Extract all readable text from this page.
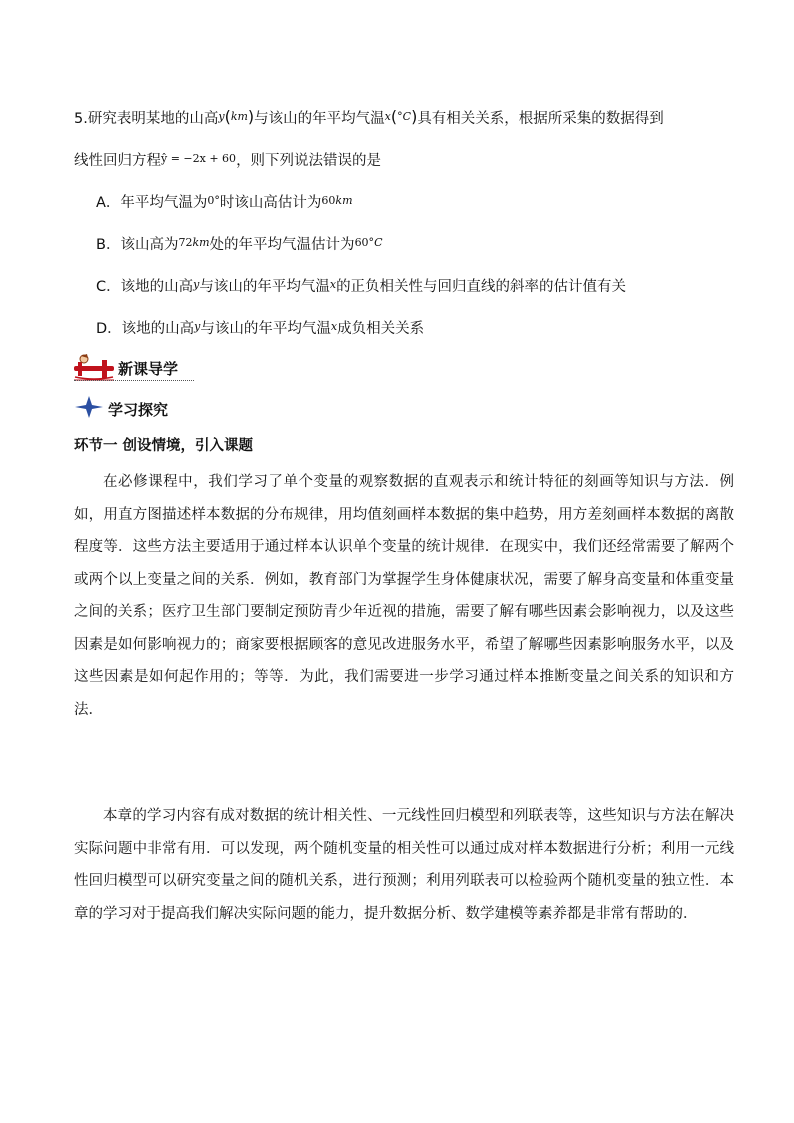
5.研究表明某地的山高$^y$($^{km}$)与该山的年平均气温$^x$($^{^\circ C}$)具有相关关系，根据所采集的数据得到
线性回归方程$^{ŷ = -2x + 60}$，则下列说法错误的是
A．年平均气温为$^{0^\circ}$时该山高估计为$^{60km}$
B．该山高为$^{72km}$处的年平均气温估计为$^{60^\circ C}$
C．该地的山高$^y$与该山的年平均气温$^x$的正负相关性与回归直线的斜率的估计值有关
D．该地的山高$^y$与该山的年平均气温$^x$成负相关关系
新课导学
学习探究
环节一 创设情境，引入课题
在必修课程中，我们学习了单个变量的观察数据的直观表示和统计特征的刻画等知识与方法．例如，用直方图描述样本数据的分布规律，用均值刻画样本数据的集中趋势，用方差刻画样本数据的离散程度等．这些方法主要适用于通过样本认识单个变量的统计规律．在现实中，我们还经常需要了解两个或两个以上变量之间的关系．例如，教育部门为掌握学生身体健康状况，需要了解身高变量和体重变量之间的关系；医疗卫生部门要制定预防青少年近视的措施，需要了解有哪些因素会影响视力，以及这些因素是如何影响视力的；商家要根据顾客的意见改进服务水平，希望了解哪些因素影响服务水平，以及这些因素是如何起作用的；等等．为此，我们需要进一步学习通过样本推断变量之间关系的知识和方法．
本章的学习内容有成对数据的统计相关性、一元线性回归模型和列联表等，这些知识与方法在解决实际问题中非常有用．可以发现，两个随机变量的相关性可以通过成对样本数据进行分析；利用一元线性回归模型可以研究变量之间的随机关系，进行预测；利用列联表可以检验两个随机变量的独立性．本章的学习对于提高我们解决实际问题的能力，提升数据分析、数学建模等素养都是非常有帮助的．
